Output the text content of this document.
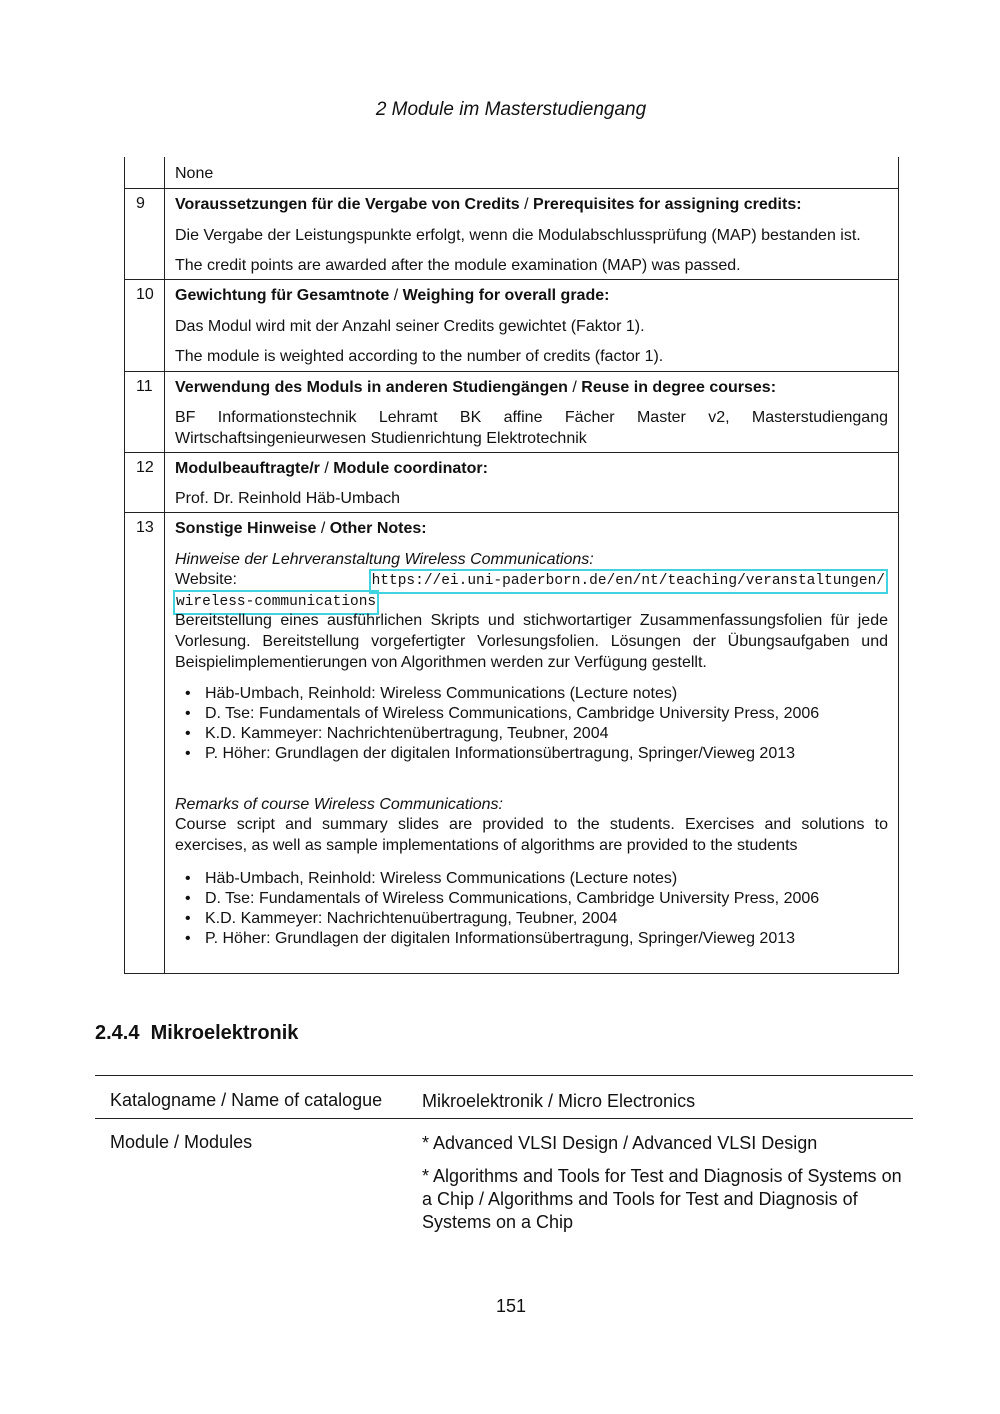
2 Module im Masterstudiengang
None
9 Voraussetzungen für die Vergabe von Credits / Prerequisites for assigning credits:
Die Vergabe der Leistungspunkte erfolgt, wenn die Modulabschlussprüfung (MAP) bestanden ist.
The credit points are awarded after the module examination (MAP) was passed.
10 Gewichtung für Gesamtnote / Weighing for overall grade:
Das Modul wird mit der Anzahl seiner Credits gewichtet (Faktor 1).
The module is weighted according to the number of credits (factor 1).
11 Verwendung des Moduls in anderen Studiengängen / Reuse in degree courses:
BF Informationstechnik Lehramt BK affine Fächer Master v2, Masterstudiengang Wirtschaftsingenieurwesen Studienrichtung Elektrotechnik
12 Modulbeauftragte/r / Module coordinator:
Prof. Dr. Reinhold Häb-Umbach
13 Sonstige Hinweise / Other Notes:
Hinweise der Lehrveranstaltung Wireless Communications:
Website:	https://ei.uni-paderborn.de/en/nt/teaching/veranstaltungen/
wireless-communications
Bereitstellung eines ausführlichen Skripts und stichwortartiger Zusammenfassungsfolien für jede Vorlesung. Bereitstellung vorgefertigter Vorlesungsfolien. Lösungen der Übungsaufgaben und Beispielimplementierungen von Algorithmen werden zur Verfügung gestellt.
• Häb-Umbach, Reinhold: Wireless Communications (Lecture notes)
• D. Tse: Fundamentals of Wireless Communications, Cambridge University Press, 2006
• K.D. Kammeyer: Nachrichtenübertragung, Teubner, 2004
• P. Höher: Grundlagen der digitalen Informationsübertragung, Springer/Vieweg 2013
Remarks of course Wireless Communications:
Course script and summary slides are provided to the students. Exercises and solutions to exercises, as well as sample implementations of algorithms are provided to the students
• Häb-Umbach, Reinhold: Wireless Communications (Lecture notes)
• D. Tse: Fundamentals of Wireless Communications, Cambridge University Press, 2006
• K.D. Kammeyer: Nachrichtenuübertragung, Teubner, 2004
• P. Höher: Grundlagen der digitalen Informationsübertragung, Springer/Vieweg 2013
2.4.4 Mikroelektronik
Katalogname / Name of catalogue Mikroelektronik / Micro Electronics
Module / Modules	* Advanced VLSI Design / Advanced VLSI Design
* Algorithms and Tools for Test and Diagnosis of Systems on a Chip / Algorithms and Tools for Test and Diagnosis of Systems on a Chip
151
